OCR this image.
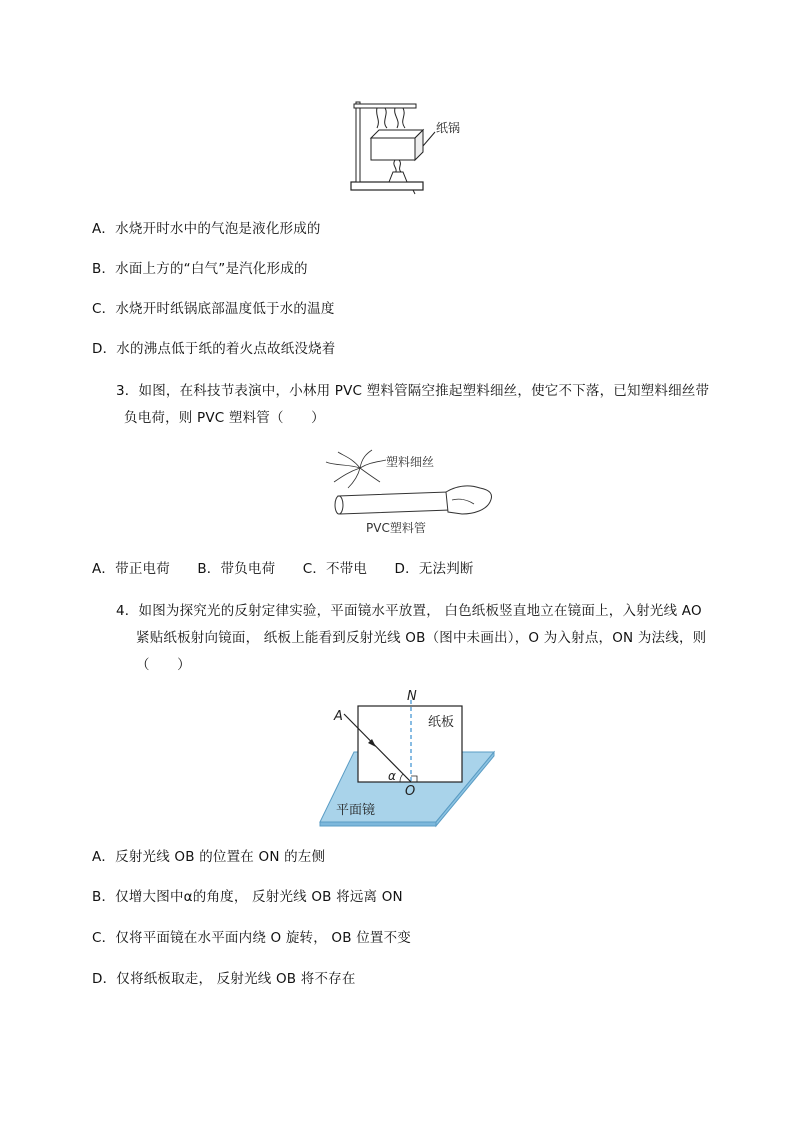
纸锅
A．水烧开时水中的气泡是液化形成的
B．水面上方的“白气”是汽化形成的
C．水烧开时纸锅底部温度低于水的温度
D．水的沸点低于纸的着火点故纸没烧着
3．如图，在科技节表演中，小林用 PVC 塑料管隔空推起塑料细丝，使它不下落，已知塑料细丝带
负电荷，则 PVC 塑料管（　　）
塑料细丝
PVC塑料管
A．带正电荷　　B．带负电荷　　C．不带电　　D．无法判断
4．如图为探究光的反射定律实验，平面镜水平放置， 白色纸板竖直地立在镜面上，入射光线 AO
紧贴纸板射向镜面， 纸板上能看到反射光线 OB（图中未画出），O 为入射点，ON 为法线，则
（　　）
A
N
O
α
纸板
平面镜
A．反射光线 OB 的位置在 ON 的左侧
B．仅增大图中α的角度， 反射光线 OB 将远离 ON
C．仅将平面镜在水平面内绕 O 旋转， OB 位置不变
D．仅将纸板取走， 反射光线 OB 将不存在
